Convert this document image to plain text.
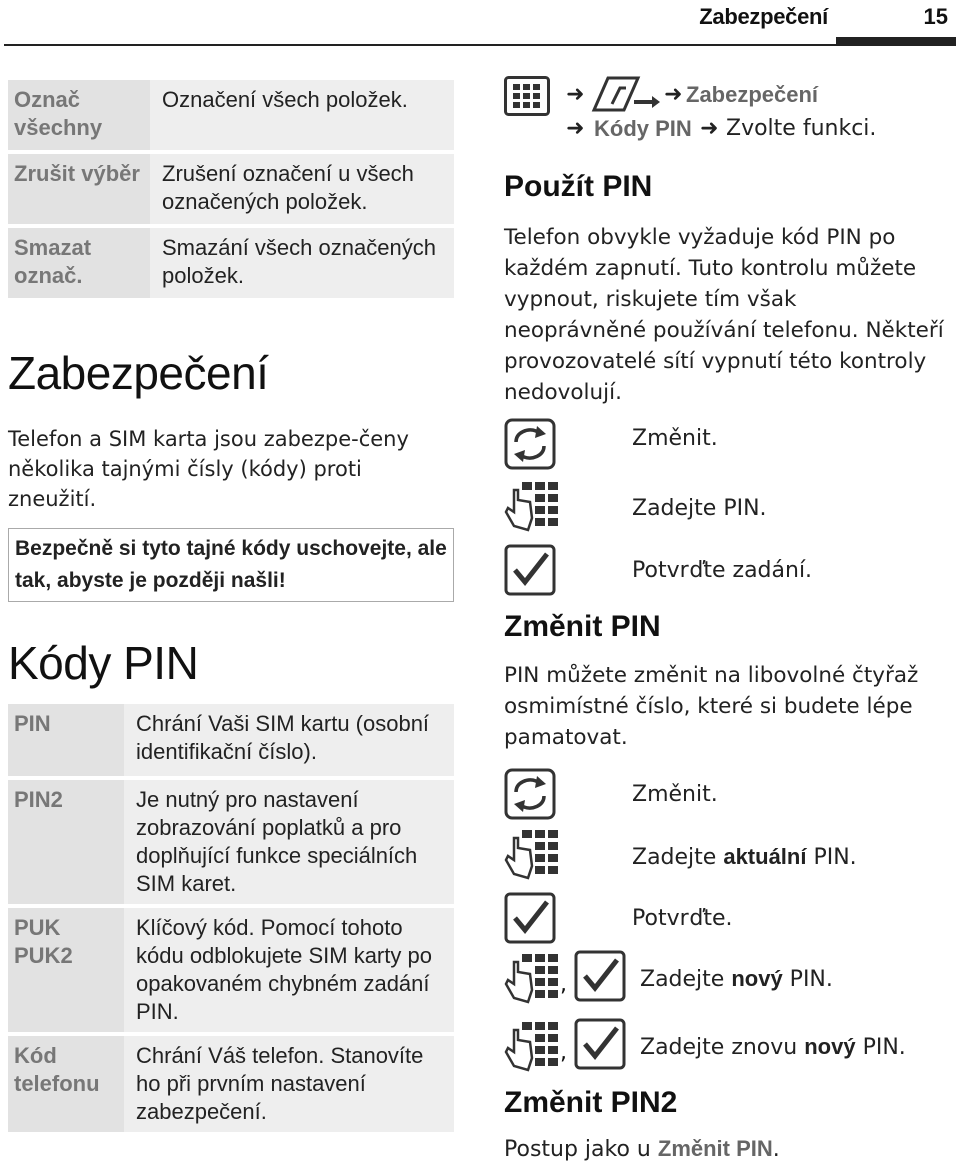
Zabezpečení	15
Označ všechny	Označení všech položek.
Zrušit výběr	Zrušení označení u všech označených položek.
Smazat označ.	Smazání všech označených položek.
Zabezpečení
Telefon a SIM karta jsou zabezpe-čeny několika tajnými čísly (kódy) proti zneužití.
Bezpečně si tyto tajné kódy uschovejte, ale tak, abyste je později našli!
Kódy PIN
PIN	Chrání Vaši SIM kartu (osobní identifikační číslo).
PIN2	Je nutný pro nastavení zobrazování poplatků a pro doplňující funkce speciálních SIM karet.
PUK PUK2	Klíčový kód. Pomocí tohoto kódu odblokujete SIM karty po opakovaném chybném zadání PIN.
Kód telefonu	Chrání Váš telefon. Stanovíte ho při prvním nastavení zabezpečení.
➜	➜ Zabezpečení
➜ Kódy PIN ➜ Zvolte funkci.
Použít PIN
Telefon obvykle vyžaduje kód PIN po každém zapnutí. Tuto kontrolu můžete vypnout, riskujete tím však neoprávněné používání telefonu. Někteří provozovatelé sítí vypnutí této kontroly nedovolují.
Změnit.
Zadejte PIN.
Potvrďte zadání.
Změnit PIN
PIN můžete změnit na libovolné čtyřaž osmimístné číslo, které si budete lépe pamatovat.
Změnit.
Zadejte aktuální PIN.
Potvrďte.
,	Zadejte nový PIN.
,	Zadejte znovu nový PIN.
Změnit PIN2
Postup jako u Změnit PIN.
